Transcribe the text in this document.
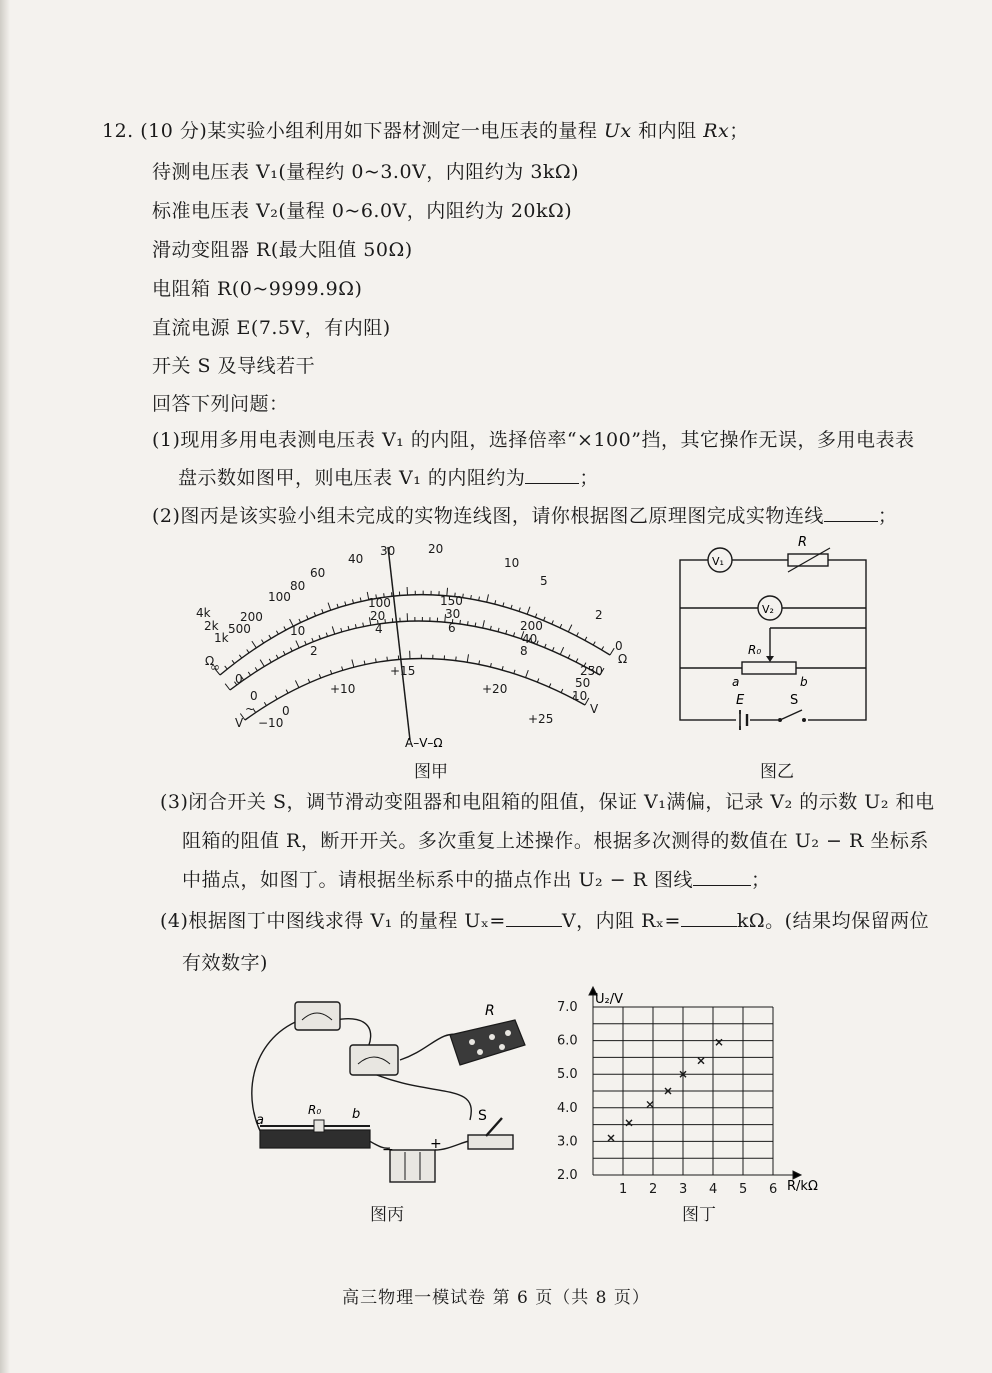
12. (10 分)某实验小组利用如下器材测定一电压表的量程 Ux 和内阻 Rx；
待测电压表 V₁(量程约 0~3.0V，内阻约为 3kΩ)
标准电压表 V₂(量程 0~6.0V，内阻约为 20kΩ)
滑动变阻器 R(最大阻值 50Ω)
电阻箱 R(0~9999.9Ω)
直流电源 E(7.5V，有内阻)
开关 S 及导线若干
回答下列问题：
(1)现用多用电表测电压表 V₁ 的内阻，选择倍率“×100”挡，其它操作无误，多用电表表
盘示数如图甲，则电压表 V₁ 的内阻约为	；
(2)图丙是该实验小组未完成的实物连线图，请你根据图乙原理图完成实物连线	；
∞
4k
2k
1k
500
200
100
80
60
40
30	20
10
5
2
0
Ω	Ω
0
100	150
200
250
10
20	30
40
50
2
4	6
8
10
0
V
−10
0
+10
+15
+20
+25
~
V
A–V–Ω
图甲
V₁
R
V₂
R₀
a	b
E	S
图乙
(3)闭合开关 S，调节滑动变阻器和电阻箱的阻值，保证 V₁满偏，记录 V₂ 的示数 U₂ 和电
阻箱的阻值 R，断开开关。多次重复上述操作。根据多次测得的数值在 U₂ − R 坐标系
中描点，如图丁。请根据坐标系中的描点作出 U₂ − R 图线	；
(4)根据图丁中图线求得 V₁ 的量程 Uₓ=	V，内阻 Rₓ=	kΩ。(结果均保留两位
有效数字)
R
R₀
a	b
−	+
S
图丙
2.0
3.0
4.0
5.0
6.0
7.0
1 2 3 4 5 6
U₂/V
R/kΩ
图丁
高三物理一模试卷 第 6 页（共 8 页）
